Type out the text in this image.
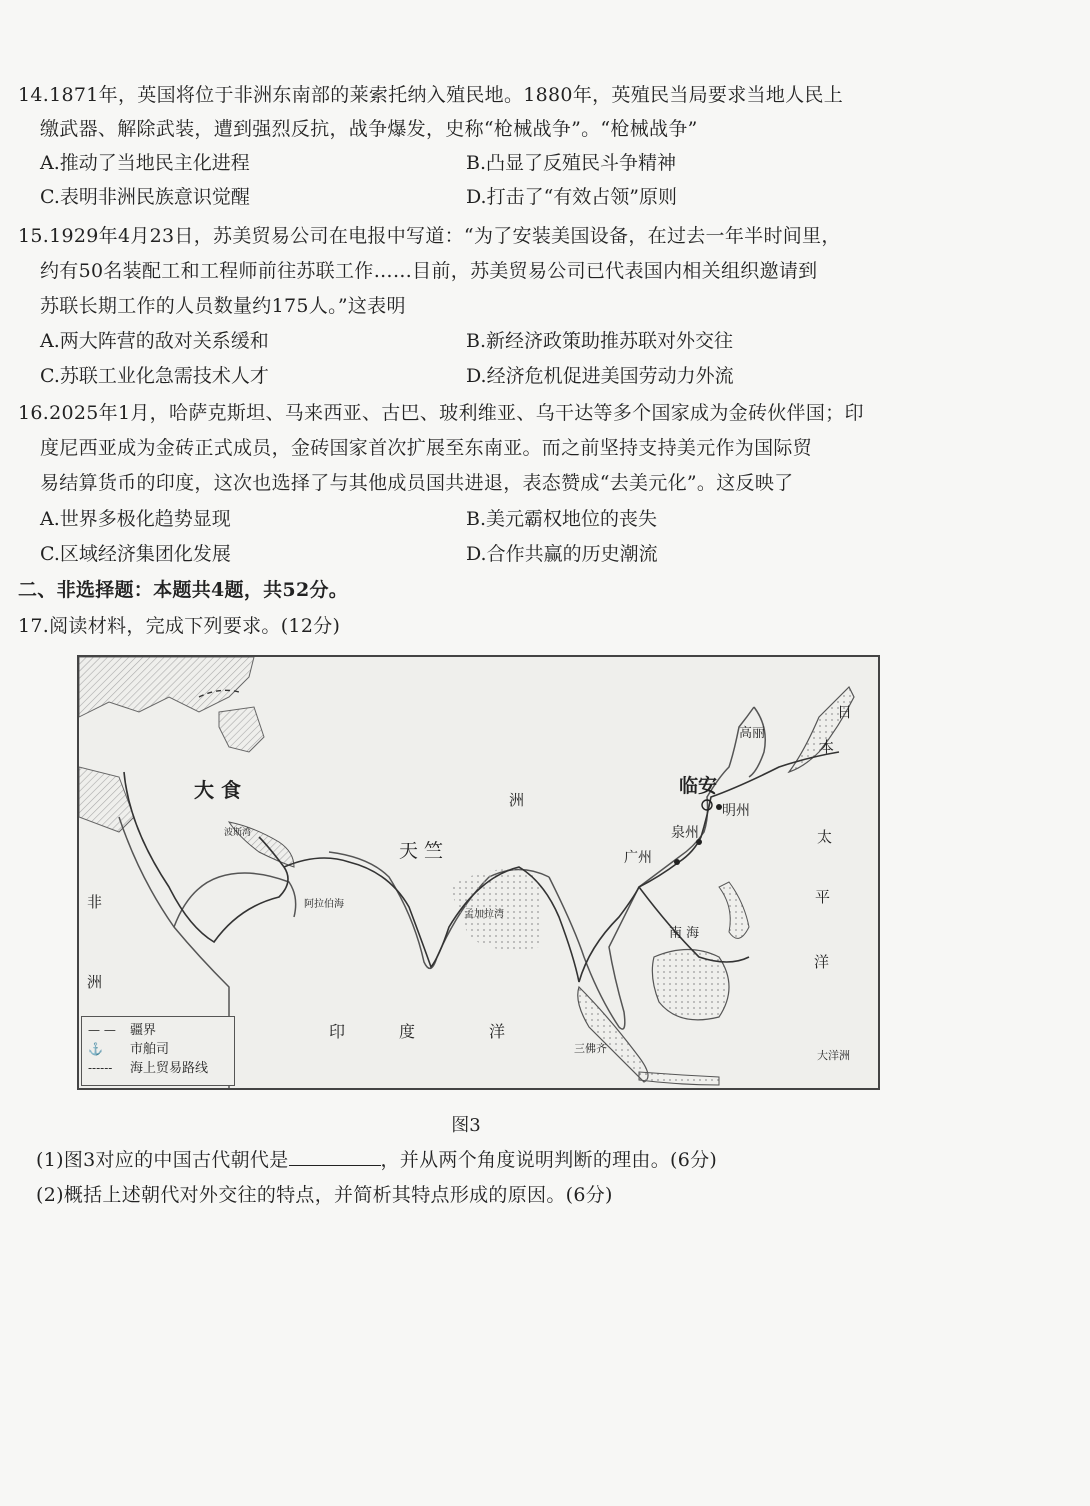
14.1871年，英国将位于非洲东南部的莱索托纳入殖民地。1880年，英殖民当局要求当地人民上
缴武器、解除武装，遭到强烈反抗，战争爆发，史称“枪械战争”。“枪械战争”
A.推动了当地民主化进程	B.凸显了反殖民斗争精神
C.表明非洲民族意识觉醒	D.打击了“有效占领”原则
15.1929年4月23日，苏美贸易公司在电报中写道：“为了安装美国设备，在过去一年半时间里，
约有50名装配工和工程师前往苏联工作……目前，苏美贸易公司已代表国内相关组织邀请到
苏联长期工作的人员数量约175人。”这表明
A.两大阵营的敌对关系缓和	B.新经济政策助推苏联对外交往
C.苏联工业化急需技术人才	D.经济危机促进美国劳动力外流
16.2025年1月，哈萨克斯坦、马来西亚、古巴、玻利维亚、乌干达等多个国家成为金砖伙伴国；印
度尼西亚成为金砖正式成员，金砖国家首次扩展至东南亚。而之前坚持支持美元作为国际贸
易结算货币的印度，这次也选择了与其他成员国共进退，表态赞成“去美元化”。这反映了
A.世界多极化趋势显现	B.美元霸权地位的丧失
C.区域经济集团化发展	D.合作共赢的历史潮流
二、非选择题：本题共4题，共52分。
17.阅读材料，完成下列要求。(12分)
大 食
天 竺
洲
临安
明州
泉州
广州
高丽
日
本
太
平
洋
印	度	洋
非
洲
南 海
三佛齐
大洋洲
波斯湾
孟加拉湾
阿拉伯海
— — 疆界
⚓ 市舶司
------ 海上贸易路线
图3
(1)图3对应的中国古代朝代是	，并从两个角度说明判断的理由。(6分)
(2)概括上述朝代对外交往的特点，并简析其特点形成的原因。(6分)
